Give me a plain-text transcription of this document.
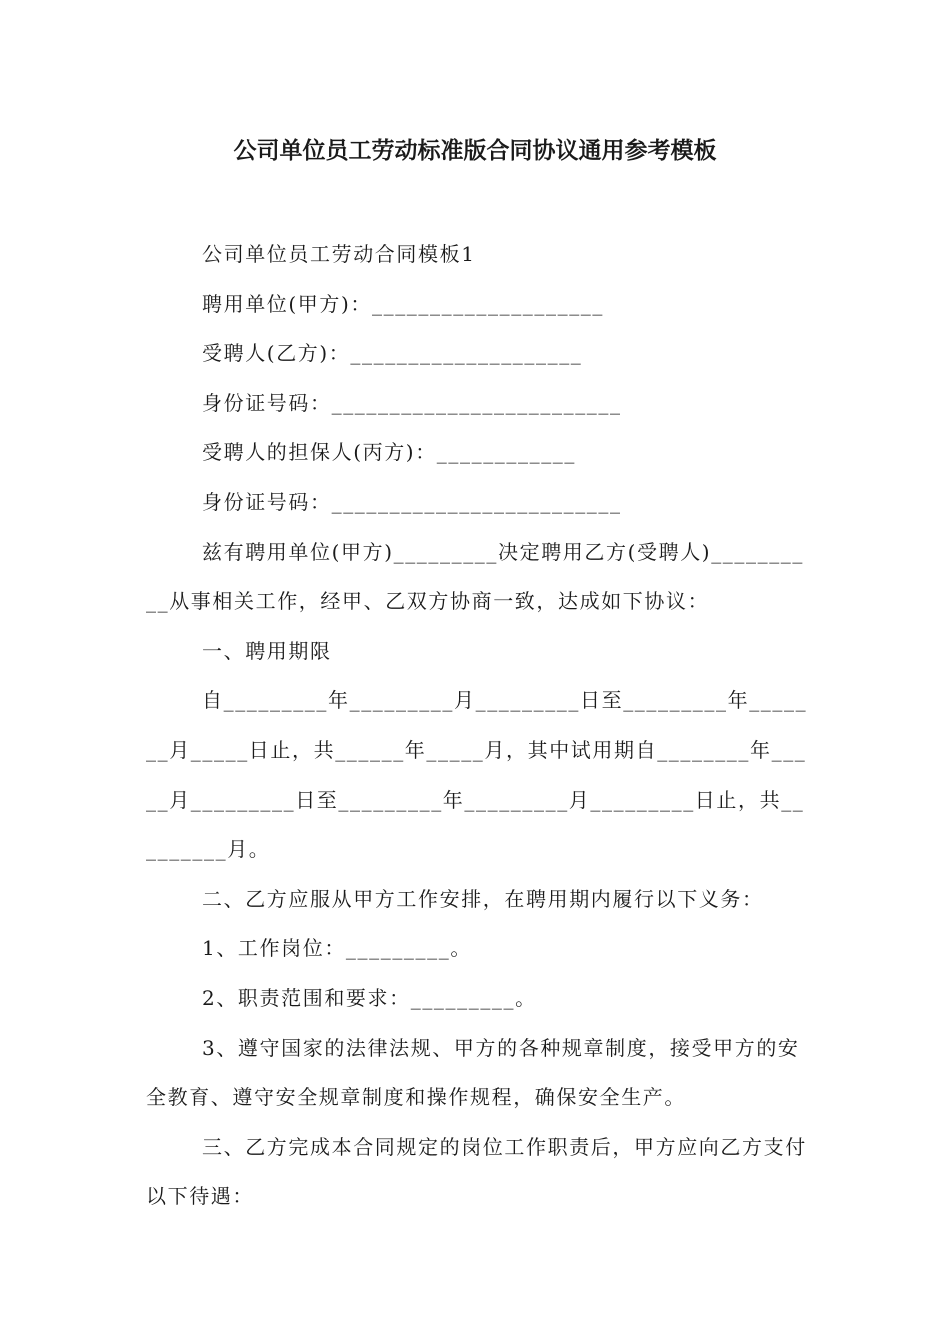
公司单位员工劳动标准版合同协议通用参考模板

公司单位员工劳动合同模板1

聘用单位(甲方)：____________________

受聘人(乙方)：____________________

身份证号码：_________________________

受聘人的担保人(丙方)：____________

身份证号码：_________________________

兹有聘用单位(甲方)_________决定聘用乙方(受聘人)__________从事相关工作，经甲、乙双方协商一致，达成如下协议：

一、聘用期限

自_________年_________月_________日至_________年_______月_____日止，共______年_____月，其中试用期自________年_____月_________日至_________年_________月_________日止，共_________月。

二、乙方应服从甲方工作安排，在聘用期内履行以下义务：

1、工作岗位：_________。

2、职责范围和要求：_________。

3、遵守国家的法律法规、甲方的各种规章制度，接受甲方的安全教育、遵守安全规章制度和操作规程，确保安全生产。

三、乙方完成本合同规定的岗位工作职责后，甲方应向乙方支付以下待遇：
